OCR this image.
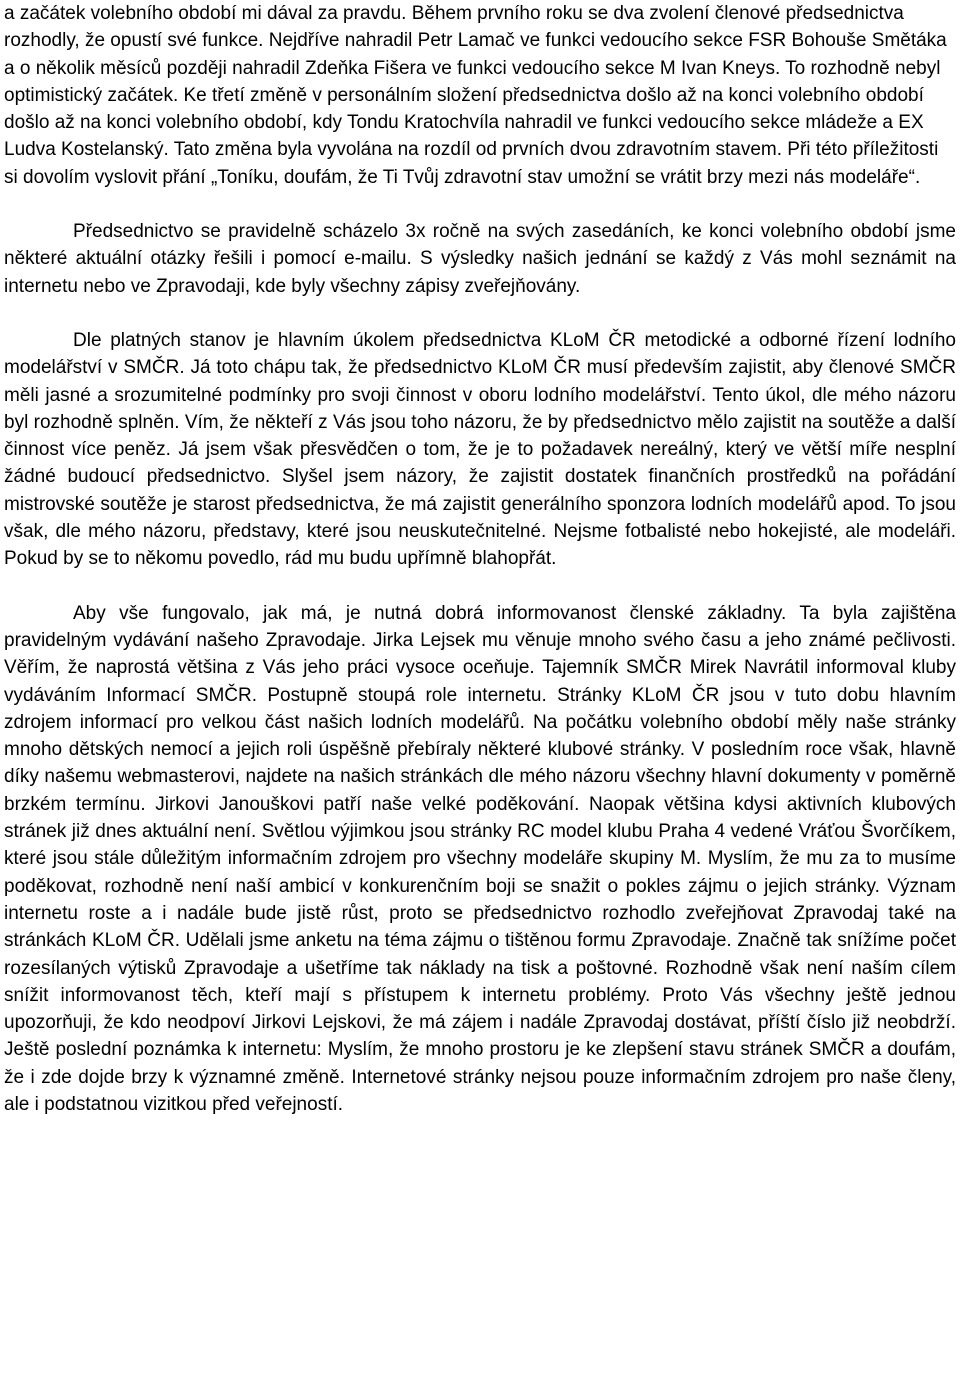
a začátek volebního období mi dával za pravdu. Během prvního roku se dva zvolení členové předsednictva rozhodly, že opustí své funkce. Nejdříve nahradil Petr Lamač ve funkci vedoucího sekce FSR Bohouše Smětáka a o několik měsíců později nahradil Zdeňka Fišera ve funkci vedoucího sekce M Ivan Kneys. To rozhodně nebyl optimistický začátek. Ke třetí změně v personálním složení předsednictva došlo až na konci volebního období došlo až na konci volebního období, kdy Tondu Kratochvíla nahradil ve funkci vedoucího sekce mládeže a EX Ludva Kostelanský. Tato změna byla vyvolána na rozdíl od prvních dvou zdravotním stavem. Při této příležitosti si dovolím vyslovit přání „Toníku, doufám, že Ti Tvůj zdravotní stav umožní se vrátit brzy mezi nás modeláře“.

Předsednictvo se pravidelně scházelo 3x ročně na svých zasedáních, ke konci volebního období jsme některé aktuální otázky řešili i pomocí e-mailu. S výsledky našich jednání se každý z Vás mohl seznámit na internetu nebo ve Zpravodaji, kde byly všechny zápisy zveřejňovány.

Dle platných stanov je hlavním úkolem předsednictva KLoM ČR metodické a odborné řízení lodního modelářství v SMČR. Já toto chápu tak, že předsednictvo KLoM ČR musí především zajistit, aby členové SMČR měli jasné a srozumitelné podmínky pro svoji činnost v oboru lodního modelářství. Tento úkol, dle mého názoru byl rozhodně splněn. Vím, že někteří z Vás jsou toho názoru, že by předsednictvo mělo zajistit na soutěže a další činnost více peněz. Já jsem však přesvědčen o tom, že je to požadavek nereálný, který ve větší míře nesplní žádné budoucí předsednictvo. Slyšel jsem názory, že zajistit dostatek finančních prostředků na pořádání mistrovské soutěže je starost předsednictva, že má zajistit generálního sponzora lodních modelářů apod. To jsou však, dle mého názoru, představy, které jsou neuskutečnitelné. Nejsme fotbalisté nebo hokejisté, ale modeláři. Pokud by se to někomu povedlo, rád mu budu upřímně blahopřát.

Aby vše fungovalo, jak má, je nutná dobrá informovanost členské základny. Ta byla zajištěna pravidelným vydávání našeho Zpravodaje. Jirka Lejsek mu věnuje mnoho svého času a jeho známé pečlivosti. Věřím, že naprostá většina z Vás jeho práci vysoce oceňuje. Tajemník SMČR Mirek Navrátil informoval kluby vydáváním Informací SMČR. Postupně stoupá role internetu. Stránky KLoM ČR jsou v tuto dobu hlavním zdrojem informací pro velkou část našich lodních modelářů. Na počátku volebního období měly naše stránky mnoho dětských nemocí a jejich roli úspěšně přebíraly některé klubové stránky. V posledním roce však, hlavně díky našemu webmasterovi, najdete na našich stránkách dle mého názoru všechny hlavní dokumenty v poměrně brzkém termínu. Jirkovi Janouškovi patří naše velké poděkování. Naopak většina kdysi aktivních klubových stránek již dnes aktuální není. Světlou výjimkou jsou stránky RC model klubu Praha 4 vedené Vráťou Švorčíkem, které jsou stále důležitým informačním zdrojem pro všechny modeláře skupiny M. Myslím, že mu za to musíme poděkovat, rozhodně není naší ambicí v konkurenčním boji se snažit o pokles zájmu o jejich stránky. Význam internetu roste a i nadále bude jistě růst, proto se předsednictvo rozhodlo zveřejňovat Zpravodaj také na stránkách KLoM ČR. Udělali jsme anketu na téma zájmu o tištěnou formu Zpravodaje. Značně tak snížíme počet rozesílaných výtisků Zpravodaje a ušetříme tak náklady na tisk a poštovné. Rozhodně však není naším cílem snížit informovanost těch, kteří mají s přístupem k internetu problémy. Proto Vás všechny ještě jednou upozorňuji, že kdo neodpoví Jirkovi Lejskovi, že má zájem i nadále Zpravodaj dostávat, příští číslo již neobdrží. Ještě poslední poznámka k internetu: Myslím, že mnoho prostoru je ke zlepšení stavu stránek SMČR a doufám, že i zde dojde brzy k významné změně. Internetové stránky nejsou pouze informačním zdrojem pro naše členy, ale i podstatnou vizitkou před veřejností.
